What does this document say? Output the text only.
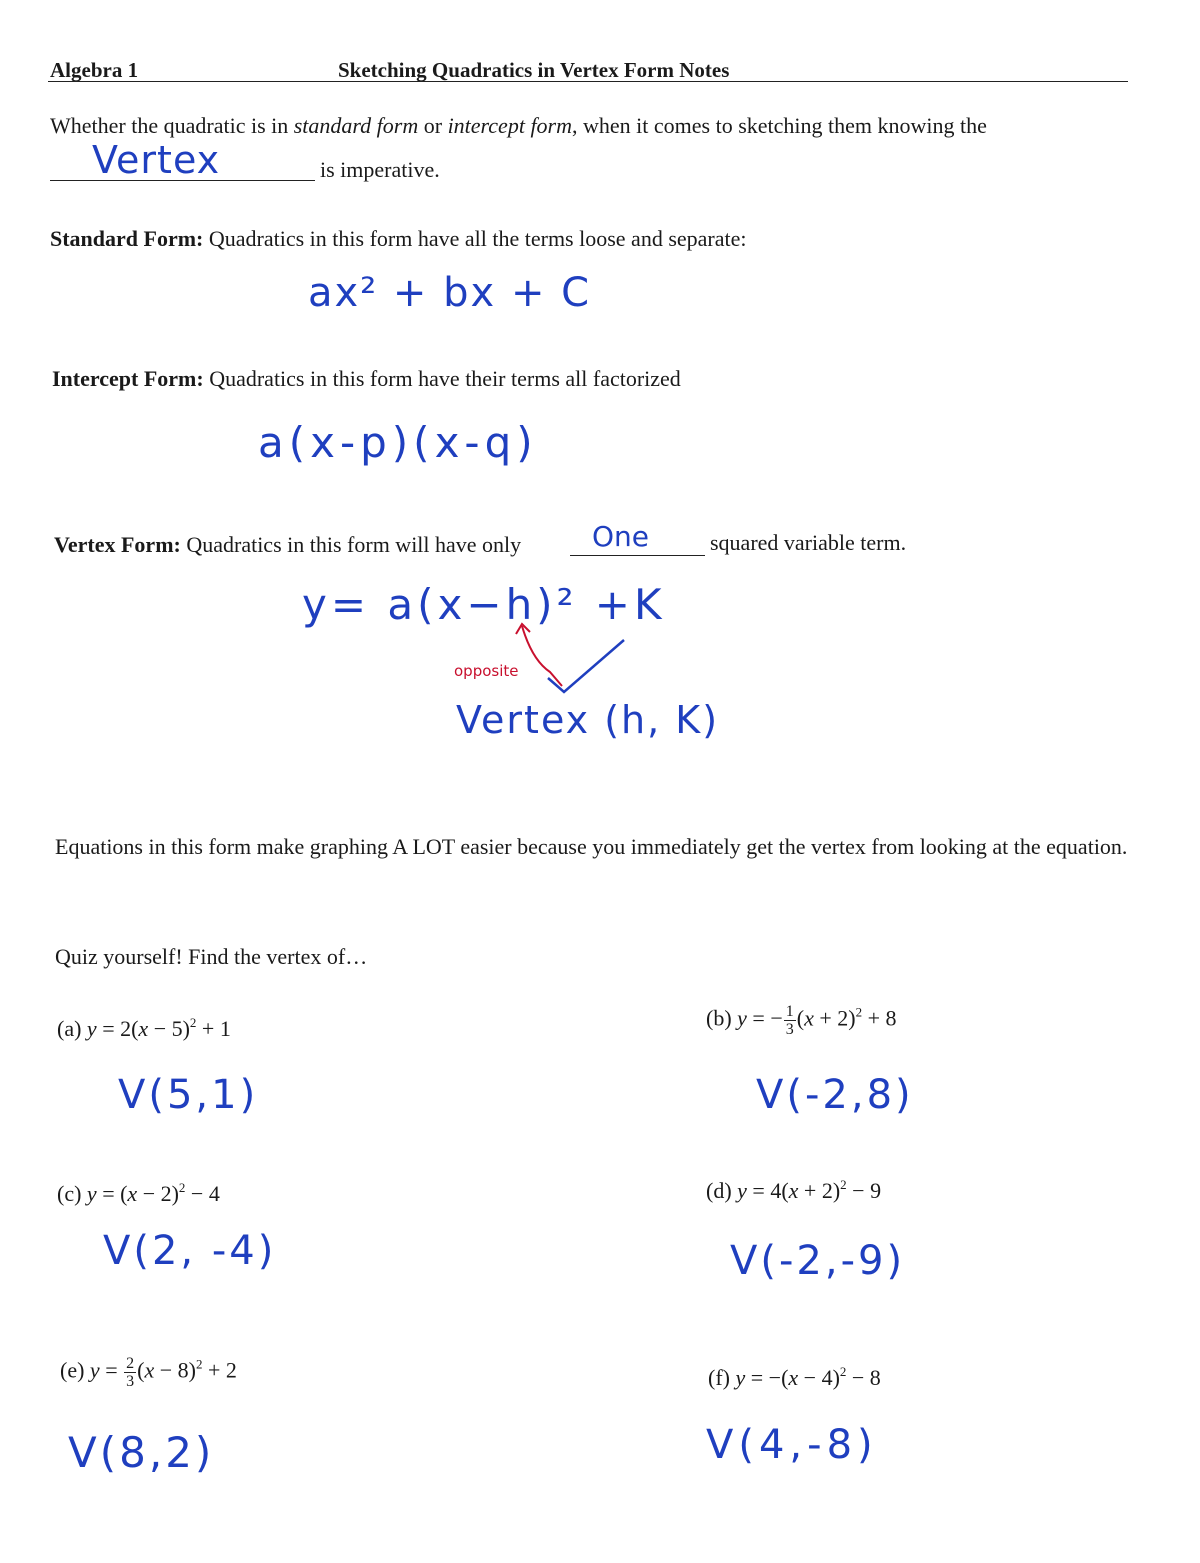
Algebra 1	Sketching Quadratics in Vertex Form Notes
Whether the quadratic is in standard form or intercept form, when it comes to sketching them knowing the
Vertex	is imperative.
Standard Form: Quadratics in this form have all the terms loose and separate:
ax² + bx + C
Intercept Form: Quadratics in this form have their terms all factorized
a(x-p)(x-q)
Vertex Form: Quadratics in this form will have only	One	squared variable term.
y= a(x−h)² +K
opposite
Vertex (h, K)
Equations in this form make graphing A LOT easier because you immediately get the vertex from looking at the equation.
Quiz yourself! Find the vertex of…
(a) $y = 2(x - 5)^2 + 1$
V(5,1)
(b) y = − $\frac{1}{3} (x + 2)^2 + 8$
V(-2,8)
(c) $y = (x - 2)^2 - 4$
V(2, -4)
(d) $y = 4(x + 2)^2 - 9$
V(-2,-9)
(e) $y = \frac{2}{3} (x - 8)^2 + 2$
V(8,2)
(f) $y = -(x - 4)^2 - 8$
V(4,-8)
